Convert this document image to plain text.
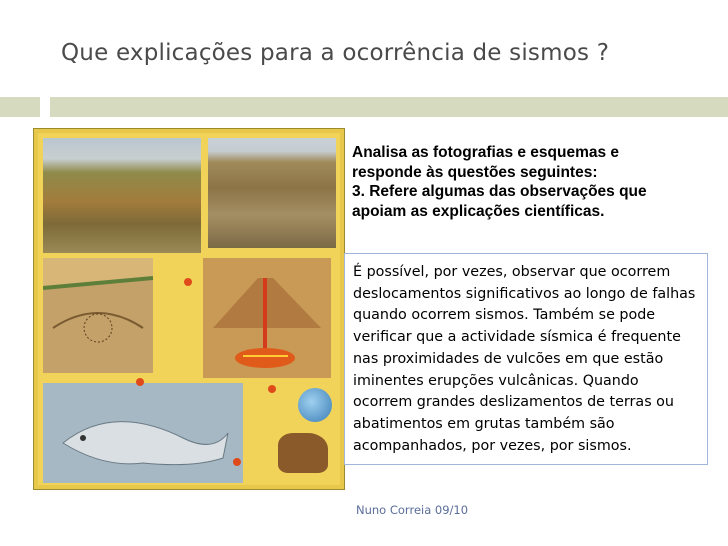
Que explicações para a ocorrência de sismos ?
Analisa as fotografias e esquemas e
responde às questões seguintes:
3. Refere algumas das observações que
apoiam as explicações científicas.
É possível, por vezes, observar que ocorrem
deslocamentos significativos ao longo de falhas
quando ocorrem sismos. Também se pode
verificar que a actividade sísmica é frequente
nas proximidades de vulcões em que estão
iminentes erupções vulcânicas. Quando
ocorrem grandes deslizamentos de terras ou
abatimentos em grutas também são
acompanhados, por vezes, por sismos.
Nuno Correia 09/10
